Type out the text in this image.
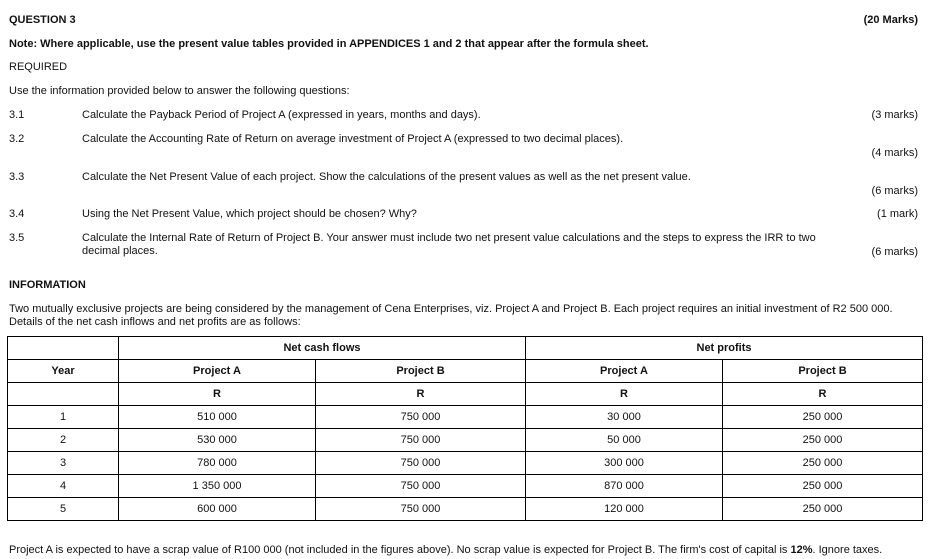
QUESTION 3	(20 Marks)
Note: Where applicable, use the present value tables provided in APPENDICES 1 and 2 that appear after the formula sheet.
REQUIRED
Use the information provided below to answer the following questions:
3.1	Calculate the Payback Period of Project A (expressed in years, months and days).	(3 marks)
3.2	Calculate the Accounting Rate of Return on average investment of Project A (expressed to two decimal places).
(4 marks)
3.3	Calculate the Net Present Value of each project. Show the calculations of the present values as well as the net present value.
(6 marks)
3.4	Using the Net Present Value, which project should be chosen? Why?	(1 mark)
3.5	Calculate the Internal Rate of Return of Project B. Your answer must include two net present value calculations and the steps to express the IRR to two decimal places.	(6 marks)
INFORMATION
Two mutually exclusive projects are being considered by the management of Cena Enterprises, viz. Project A and Project B. Each project requires an initial investment of R2 500 000. Details of the net cash inflows and net profits are as follows:
	Net cash flows		Net profits	
Year	Project A	Project B	Project A	Project B
	R	R	R	R
1	510 000	750 000	30 000	250 000
2	530 000	750 000	50 000	250 000
3	780 000	750 000	300 000	250 000
4	1 350 000	750 000	870 000	250 000
5	600 000	750 000	120 000	250 000
Project A is expected to have a scrap value of R100 000 (not included in the figures above). No scrap value is expected for Project B. The firm's cost of capital is 12%. Ignore taxes.
